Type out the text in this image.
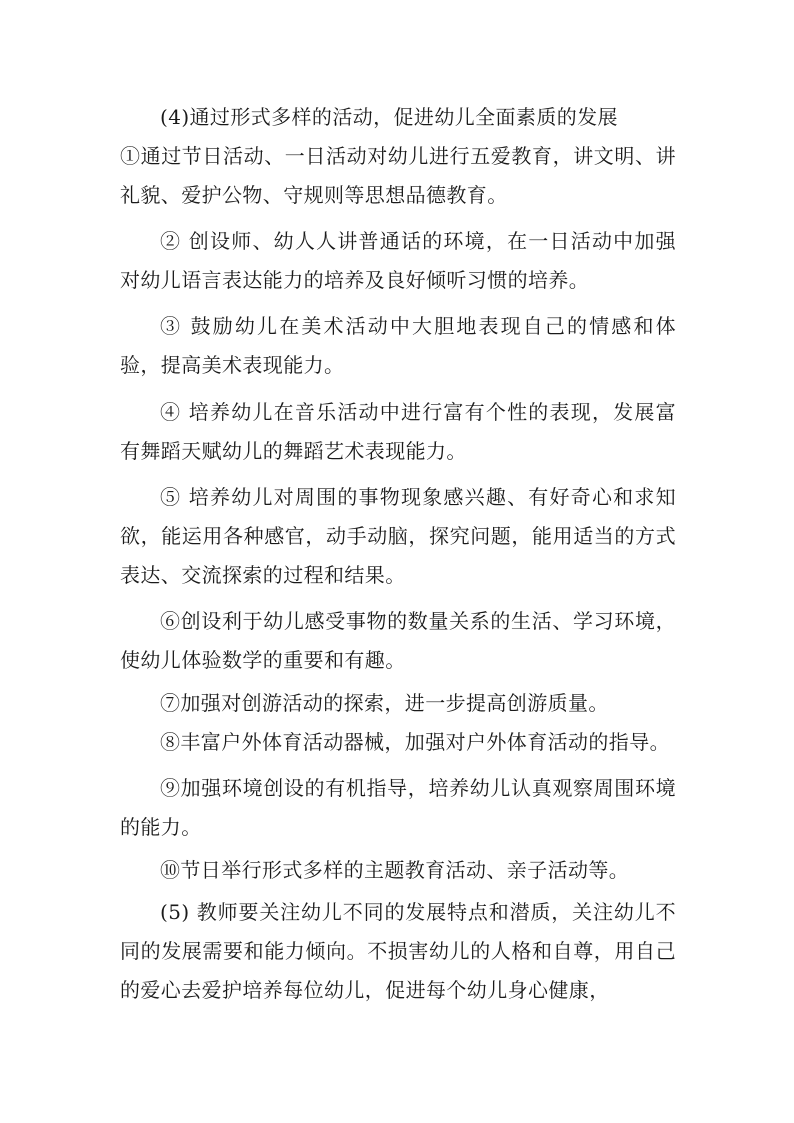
(4)通过形式多样的活动，促进幼儿全面素质的发展

①通过节日活动、一日活动对幼儿进行五爱教育，讲文明、讲礼貌、爱护公物、守规则等思想品德教育。

② 创设师、幼人人讲普通话的环境，在一日活动中加强对幼儿语言表达能力的培养及良好倾听习惯的培养。

③ 鼓励幼儿在美术活动中大胆地表现自己的情感和体验，提高美术表现能力。

④ 培养幼儿在音乐活动中进行富有个性的表现，发展富有舞蹈天赋幼儿的舞蹈艺术表现能力。

⑤ 培养幼儿对周围的事物现象感兴趣、有好奇心和求知欲，能运用各种感官，动手动脑，探究问题，能用适当的方式表达、交流探索的过程和结果。

⑥创设利于幼儿感受事物的数量关系的生活、学习环境，使幼儿体验数学的重要和有趣。

⑦加强对创游活动的探索，进一步提高创游质量。

⑧丰富户外体育活动器械，加强对户外体育活动的指导。

⑨加强环境创设的有机指导，培养幼儿认真观察周围环境的能力。

⑩节日举行形式多样的主题教育活动、亲子活动等。

(5) 教师要关注幼儿不同的发展特点和潜质，关注幼儿不同的发展需要和能力倾向。不损害幼儿的人格和自尊，用自己的爱心去爱护培养每位幼儿，促进每个幼儿身心健康，
